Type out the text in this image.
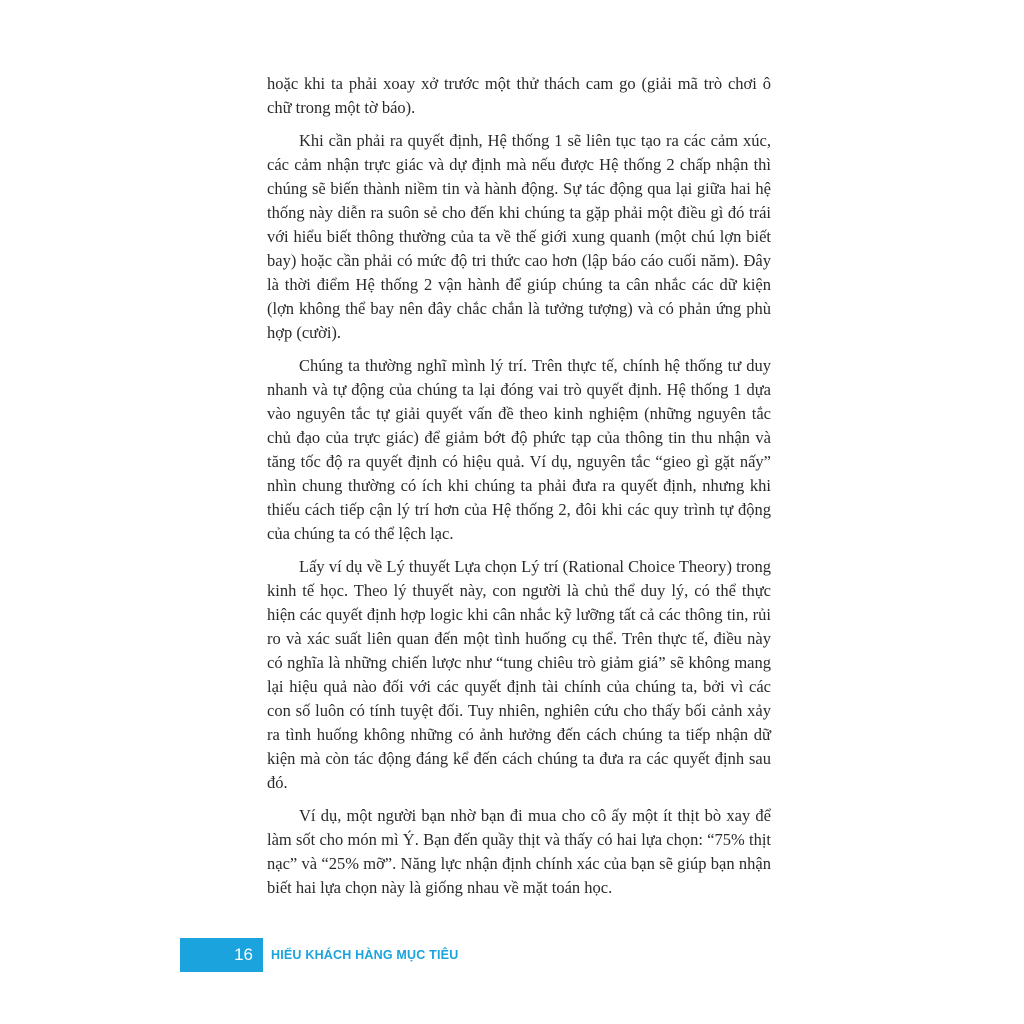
hoặc khi ta phải xoay xở trước một thử thách cam go (giải mã trò chơi ô chữ trong một tờ báo).

Khi cần phải ra quyết định, Hệ thống 1 sẽ liên tục tạo ra các cảm xúc, các cảm nhận trực giác và dự định mà nếu được Hệ thống 2 chấp nhận thì chúng sẽ biến thành niềm tin và hành động. Sự tác động qua lại giữa hai hệ thống này diễn ra suôn sẻ cho đến khi chúng ta gặp phải một điều gì đó trái với hiểu biết thông thường của ta về thế giới xung quanh (một chú lợn biết bay) hoặc cần phải có mức độ tri thức cao hơn (lập báo cáo cuối năm). Đây là thời điểm Hệ thống 2 vận hành để giúp chúng ta cân nhắc các dữ kiện (lợn không thể bay nên đây chắc chắn là tưởng tượng) và có phản ứng phù hợp (cười).

Chúng ta thường nghĩ mình lý trí. Trên thực tế, chính hệ thống tư duy nhanh và tự động của chúng ta lại đóng vai trò quyết định. Hệ thống 1 dựa vào nguyên tắc tự giải quyết vấn đề theo kinh nghiệm (những nguyên tắc chủ đạo của trực giác) để giảm bớt độ phức tạp của thông tin thu nhận và tăng tốc độ ra quyết định có hiệu quả. Ví dụ, nguyên tắc “gieo gì gặt nấy” nhìn chung thường có ích khi chúng ta phải đưa ra quyết định, nhưng khi thiếu cách tiếp cận lý trí hơn của Hệ thống 2, đôi khi các quy trình tự động của chúng ta có thể lệch lạc.

Lấy ví dụ về Lý thuyết Lựa chọn Lý trí (Rational Choice Theory) trong kinh tế học. Theo lý thuyết này, con người là chủ thể duy lý, có thể thực hiện các quyết định hợp logic khi cân nhắc kỹ lưỡng tất cả các thông tin, rủi ro và xác suất liên quan đến một tình huống cụ thể. Trên thực tế, điều này có nghĩa là những chiến lược như “tung chiêu trò giảm giá” sẽ không mang lại hiệu quả nào đối với các quyết định tài chính của chúng ta, bởi vì các con số luôn có tính tuyệt đối. Tuy nhiên, nghiên cứu cho thấy bối cảnh xảy ra tình huống không những có ảnh hưởng đến cách chúng ta tiếp nhận dữ kiện mà còn tác động đáng kể đến cách chúng ta đưa ra các quyết định sau đó.

Ví dụ, một người bạn nhờ bạn đi mua cho cô ấy một ít thịt bò xay để làm sốt cho món mì Ý. Bạn đến quầy thịt và thấy có hai lựa chọn: “75% thịt nạc” và “25% mỡ”. Năng lực nhận định chính xác của bạn sẽ giúp bạn nhận biết hai lựa chọn này là giống nhau về mặt toán học.

16 HIỂU KHÁCH HÀNG MỤC TIÊU
